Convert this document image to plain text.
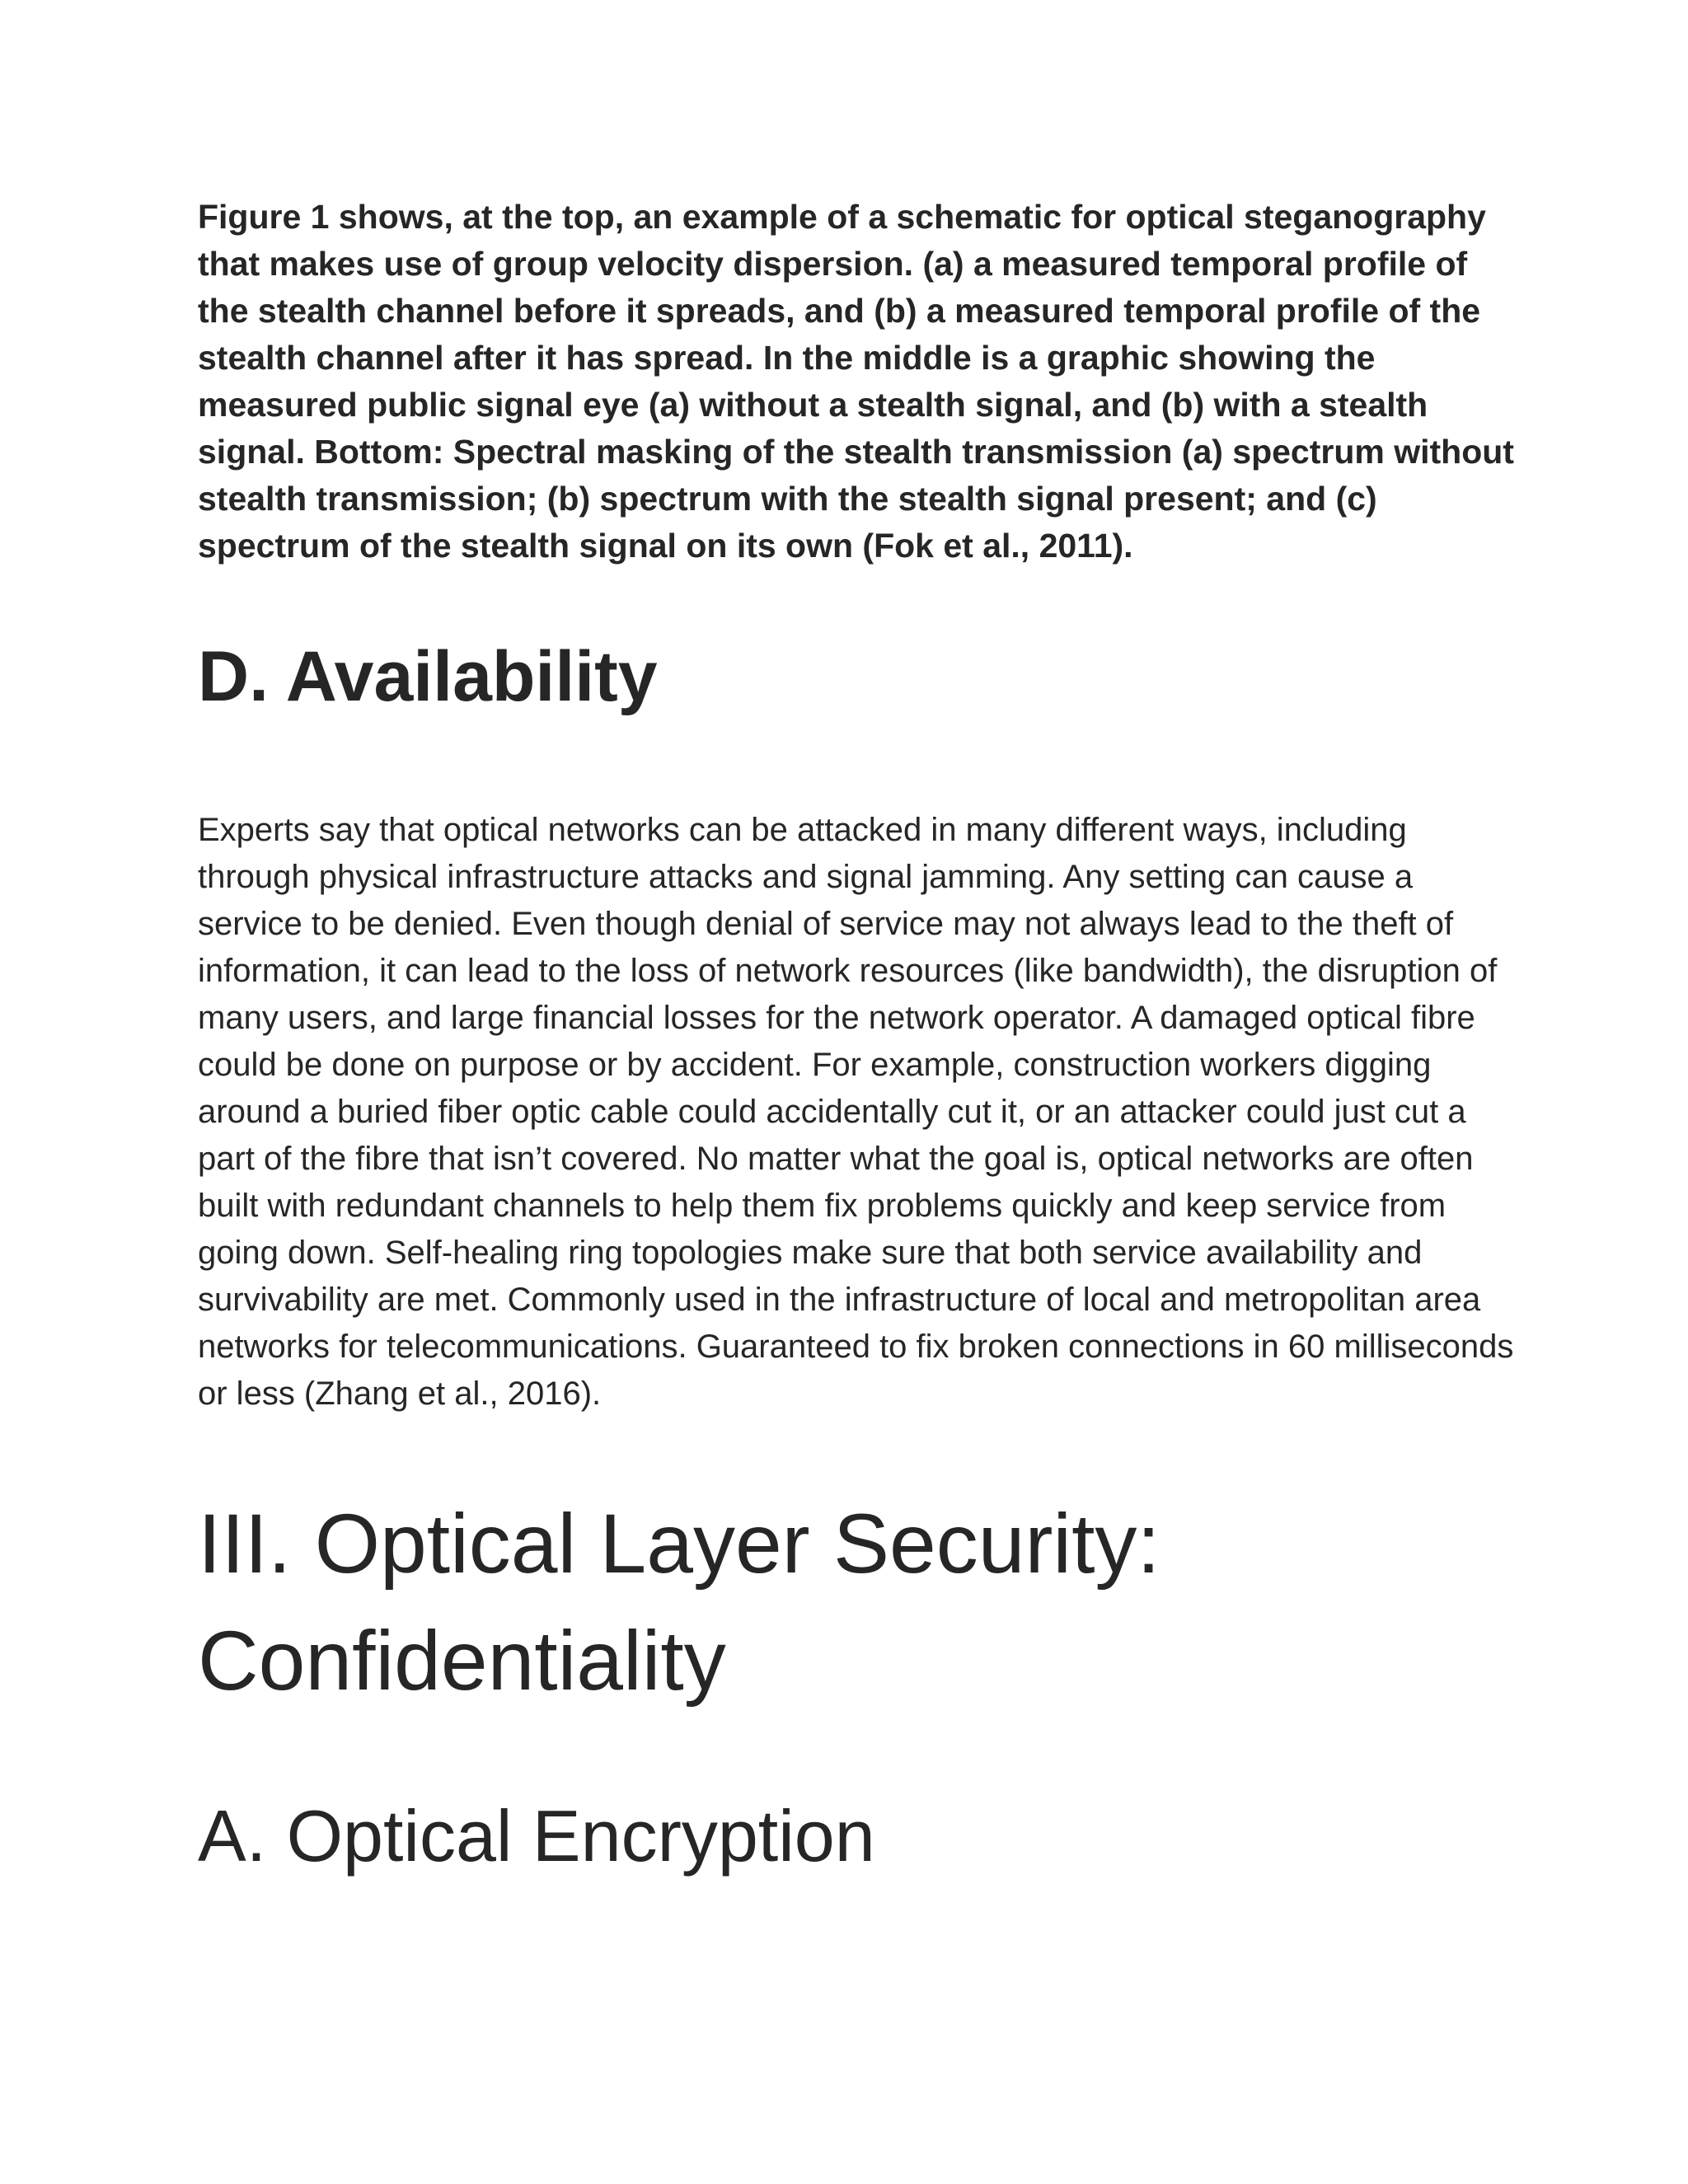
Figure 1 shows, at the top, an example of a schematic for optical steganography that makes use of group velocity dispersion. (a) a measured temporal profile of the stealth channel before it spreads, and (b) a measured temporal profile of the stealth channel after it has spread. In the middle is a graphic showing the measured public signal eye (a) without a stealth signal, and (b) with a stealth signal. Bottom: Spectral masking of the stealth transmission (a) spectrum without stealth transmission; (b) spectrum with the stealth signal present; and (c) spectrum of the stealth signal on its own (Fok et al., 2011).

D. Availability

Experts say that optical networks can be attacked in many different ways, including through physical infrastructure attacks and signal jamming. Any setting can cause a service to be denied. Even though denial of service may not always lead to the theft of information, it can lead to the loss of network resources (like bandwidth), the disruption of many users, and large financial losses for the network operator. A damaged optical fibre could be done on purpose or by accident. For example, construction workers digging around a buried fiber optic cable could accidentally cut it, or an attacker could just cut a part of the fibre that isn’t covered. No matter what the goal is, optical networks are often built with redundant channels to help them fix problems quickly and keep service from going down. Self-healing ring topologies make sure that both service availability and survivability are met. Commonly used in the infrastructure of local and metropolitan area networks for telecommunications. Guaranteed to fix broken connections in 60 milliseconds or less (Zhang et al., 2016).

III. Optical Layer Security: Confidentiality
A. Optical Encryption
